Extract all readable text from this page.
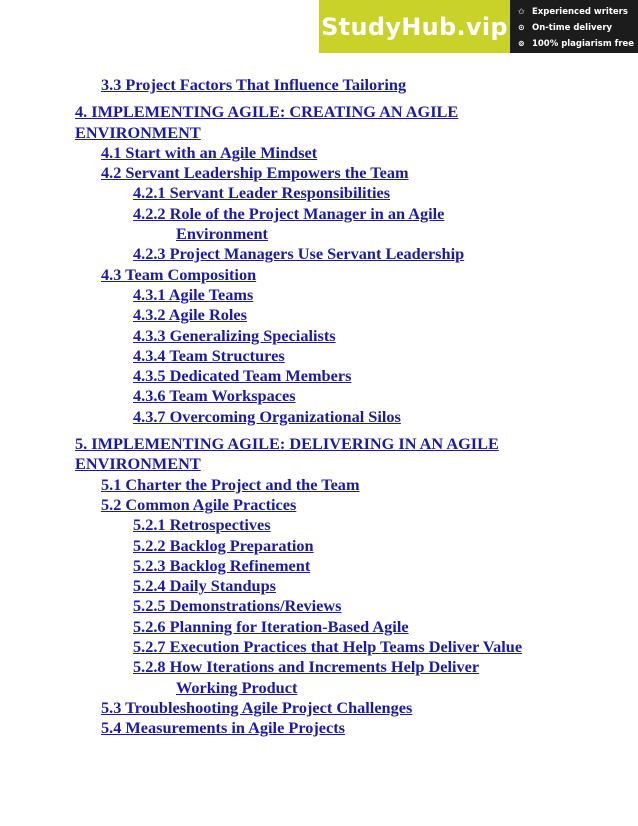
StudyHub.vip
✩ Experienced writers
⊙ On-time delivery
⊚ 100% plagiarism free
3.3 Project Factors That Influence Tailoring
4. IMPLEMENTING AGILE: CREATING AN AGILE
ENVIRONMENT
4.1 Start with an Agile Mindset
4.2 Servant Leadership Empowers the Team
4.2.1 Servant Leader Responsibilities
4.2.2 Role of the Project Manager in an Agile
Environment
4.2.3 Project Managers Use Servant Leadership
4.3 Team Composition
4.3.1 Agile Teams
4.3.2 Agile Roles
4.3.3 Generalizing Specialists
4.3.4 Team Structures
4.3.5 Dedicated Team Members
4.3.6 Team Workspaces
4.3.7 Overcoming Organizational Silos
5. IMPLEMENTING AGILE: DELIVERING IN AN AGILE
ENVIRONMENT
5.1 Charter the Project and the Team
5.2 Common Agile Practices
5.2.1 Retrospectives
5.2.2 Backlog Preparation
5.2.3 Backlog Refinement
5.2.4 Daily Standups
5.2.5 Demonstrations/Reviews
5.2.6 Planning for Iteration-Based Agile
5.2.7 Execution Practices that Help Teams Deliver Value
5.2.8 How Iterations and Increments Help Deliver
Working Product
5.3 Troubleshooting Agile Project Challenges
5.4 Measurements in Agile Projects
